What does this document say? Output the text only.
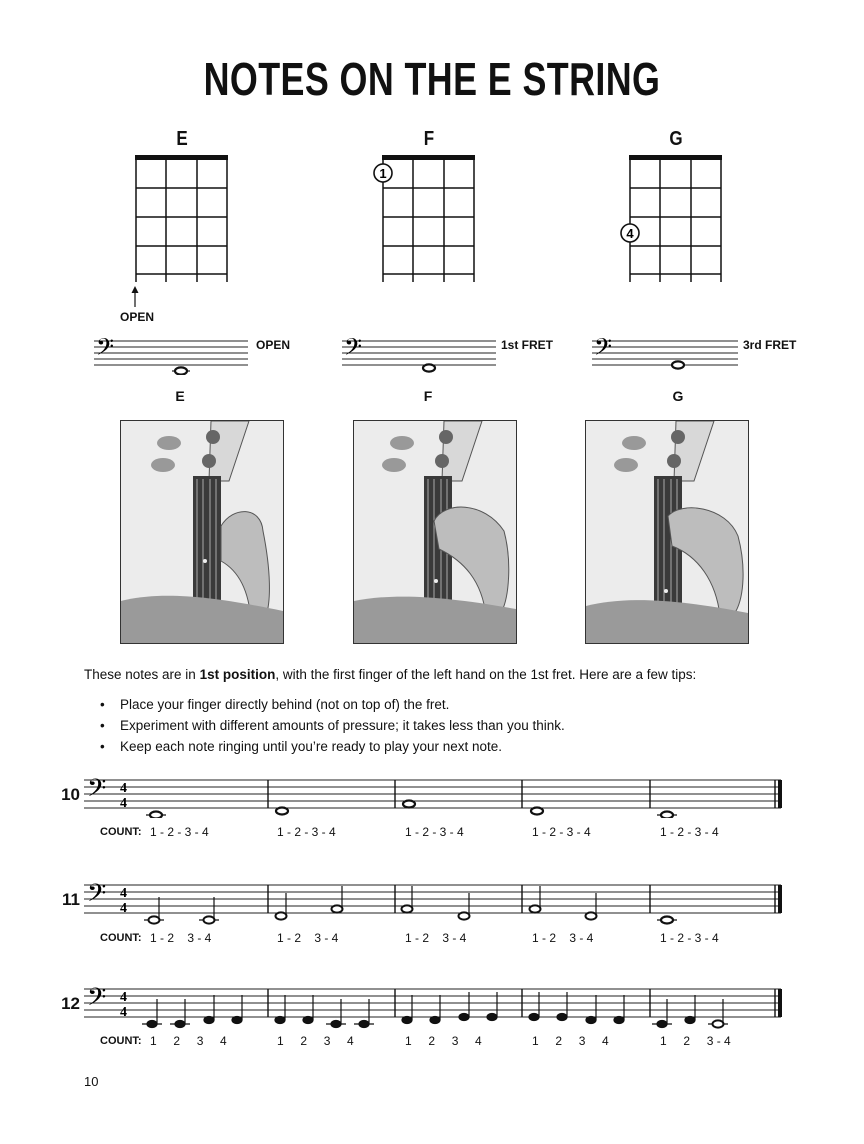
NOTES ON THE E STRING
E	F	G
OPEN
1
4
𝄢	OPEN
E
𝄢	1st FRET
F
𝄢	3rd FRET
G
These notes are in 1st position, with the first finger of the left hand on the 1st fret. Here are a few tips:
• Place your finger directly behind (not on top of) the fret.
• Experiment with different amounts of pressure; it takes less than you think.
• Keep each note ringing until you’re ready to play your next note.
10 𝄢 4
4
COUNT: 1 - 2 - 3 - 4	1 - 2 - 3 - 4	1 - 2 - 3 - 4	1 - 2 - 3 - 4	1 - 2 - 3 - 4
11 𝄢 4
4
COUNT: 1 - 2    3 - 4	1 - 2    3 - 4	1 - 2    3 - 4	1 - 2    3 - 4	1 - 2 - 3 - 4
12 𝄢 4
4
COUNT: 1     2     3     4	1     2     3     4	1     2     3     4	1     2     3     4	1     2     3 - 4
10
